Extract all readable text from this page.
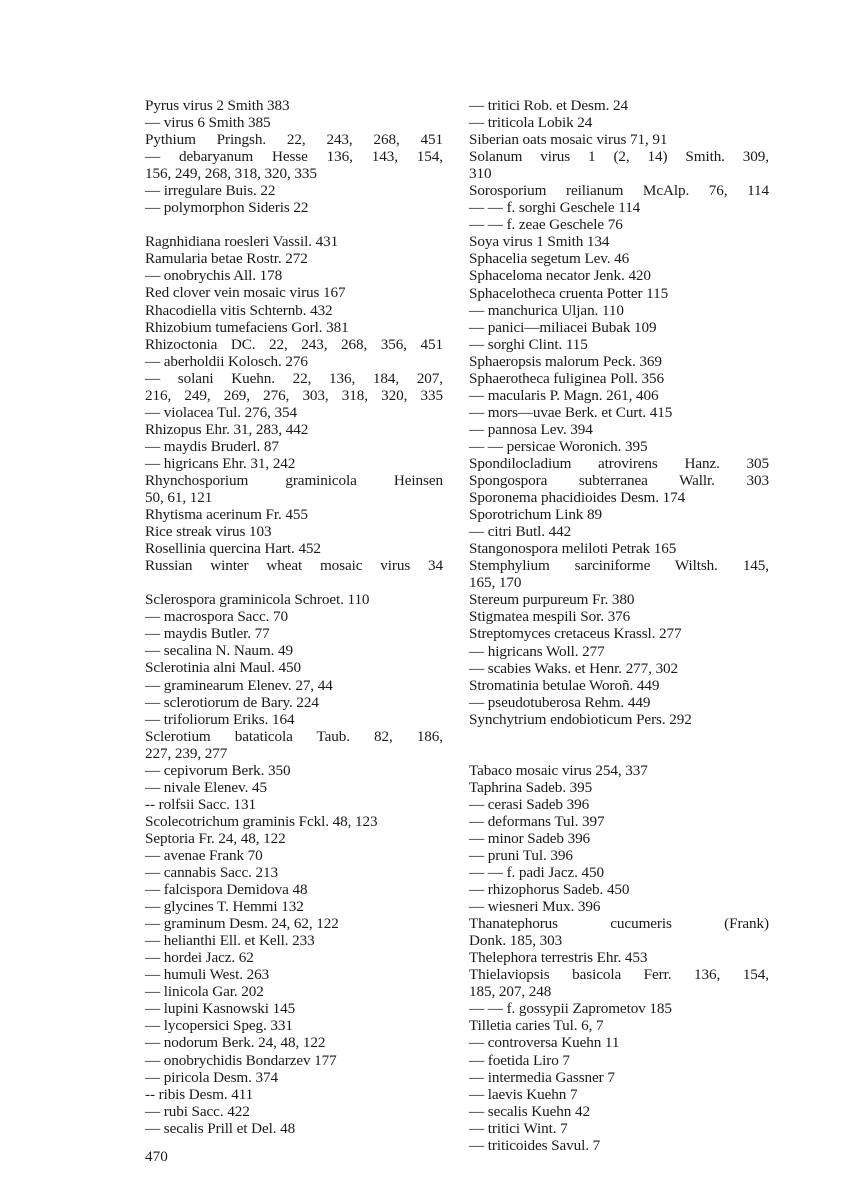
Pyrus virus 2 Smith 383
— virus 6 Smith 385
Pythium Pringsh. 22, 243, 268, 451
— debaryanum Hesse 136, 143, 154,
156, 249, 268, 318, 320, 335
— irregulare Buis. 22
— polymorphon Sideris 22
Ragnhidiana roesleri Vassil. 431
Ramularia betae Rostr. 272
— onobrychis All. 178
Red clover vein mosaic virus 167
Rhacodiella vitis Schternb. 432
Rhizobium tumefaciens Gorl. 381
Rhizoctonia DC. 22, 243, 268, 356, 451
— aberholdii Kolosch. 276
— solani Kuehn. 22, 136, 184, 207,
216, 249, 269, 276, 303, 318, 320, 335
— violacea Tul. 276, 354
Rhizopus Ehr. 31, 283, 442
— maydis Bruderl. 87
— higricans Ehr. 31, 242
Rhynchosporium graminicola Heinsen
50, 61, 121
Rhytisma acerinum Fr. 455
Rice streak virus 103
Rosellinia quercina Hart. 452
Russian winter wheat mosaic virus 34
Sclerospora graminicola Schroet. 110
— macrospora Sacc. 70
— maydis Butler. 77
— secalina N. Naum. 49
Sclerotinia alni Maul. 450
— graminearum Elenev. 27, 44
— sclerotiorum de Bary. 224
— trifoliorum Eriks. 164
Sclerotium bataticola Taub. 82, 186,
227, 239, 277
— cepivorum Berk. 350
— nivale Elenev. 45
-- rolfsii Sacc. 131
Scolecotrichum graminis Fckl. 48, 123
Septoria Fr. 24, 48, 122
— avenae Frank 70
— cannabis Sacc. 213
— falcispora Demidova 48
— glycines T. Hemmi 132
— graminum Desm. 24, 62, 122
— helianthi Ell. et Kell. 233
— hordei Jacz. 62
— humuli West. 263
— linicola Gar. 202
— lupini Kasnowski 145
— lycopersici Speg. 331
— nodorum Berk. 24, 48, 122
— onobrychidis Bondarzev 177
— piricola Desm. 374
-- ribis Desm. 411
— rubi Sacc. 422
— secalis Prill et Del. 48
— tritici Rob. et Desm. 24
— triticola Lobik 24
Siberian oats mosaic virus 71, 91
Solanum virus 1 (2, 14) Smith. 309,
310
Sorosporium reilianum McAlp. 76, 114
— — f. sorghi Geschele 114
— — f. zeae Geschele 76
Soya virus 1 Smith 134
Sphacelia segetum Lev. 46
Sphaceloma necator Jenk. 420
Sphacelotheca cruenta Potter 115
— manchurica Uljan. 110
— panici—miliacei Bubak 109
— sorghi Clint. 115
Sphaeropsis malorum Peck. 369
Sphaerotheca fuliginea Poll. 356
— macularis P. Magn. 261, 406
— mors—uvae Berk. et Curt. 415
— pannosa Lev. 394
— — persicae Woronich. 395
Spondilocladium atrovirens Hanz. 305
Spongospora subterranea Wallr. 303
Sporonema phacidioides Desm. 174
Sporotrichum Link 89
— citri Butl. 442
Stangonospora meliloti Petrak 165
Stemphylium sarciniforme Wiltsh. 145,
165, 170
Stereum purpureum Fr. 380
Stigmatea mespili Sor. 376
Streptomyces cretaceus Krassl. 277
— higricans Woll. 277
— scabies Waks. et Henr. 277, 302
Stromatinia betulae Woroñ. 449
— pseudotuberosa Rehm. 449
Synchytrium endobioticum Pers. 292
Tabaco mosaic virus 254, 337
Taphrina Sadeb. 395
— cerasi Sadeb 396
— deformans Tul. 397
— minor Sadeb 396
— pruni Tul. 396
— — f. padi Jacz. 450
— rhizophorus Sadeb. 450
— wiesneri Mux. 396
Thanatephorus cucumeris (Frank)
Donk. 185, 303
Thelephora terrestris Ehr. 453
Thielaviopsis basicola Ferr. 136, 154,
185, 207, 248
— — f. gossypii Zaprometov 185
Tilletia caries Tul. 6, 7
— controversa Kuehn 11
— foetida Liro 7
— intermedia Gassner 7
— laevis Kuehn 7
— secalis Kuehn 42
— tritici Wint. 7
— triticoides Savul. 7
470
